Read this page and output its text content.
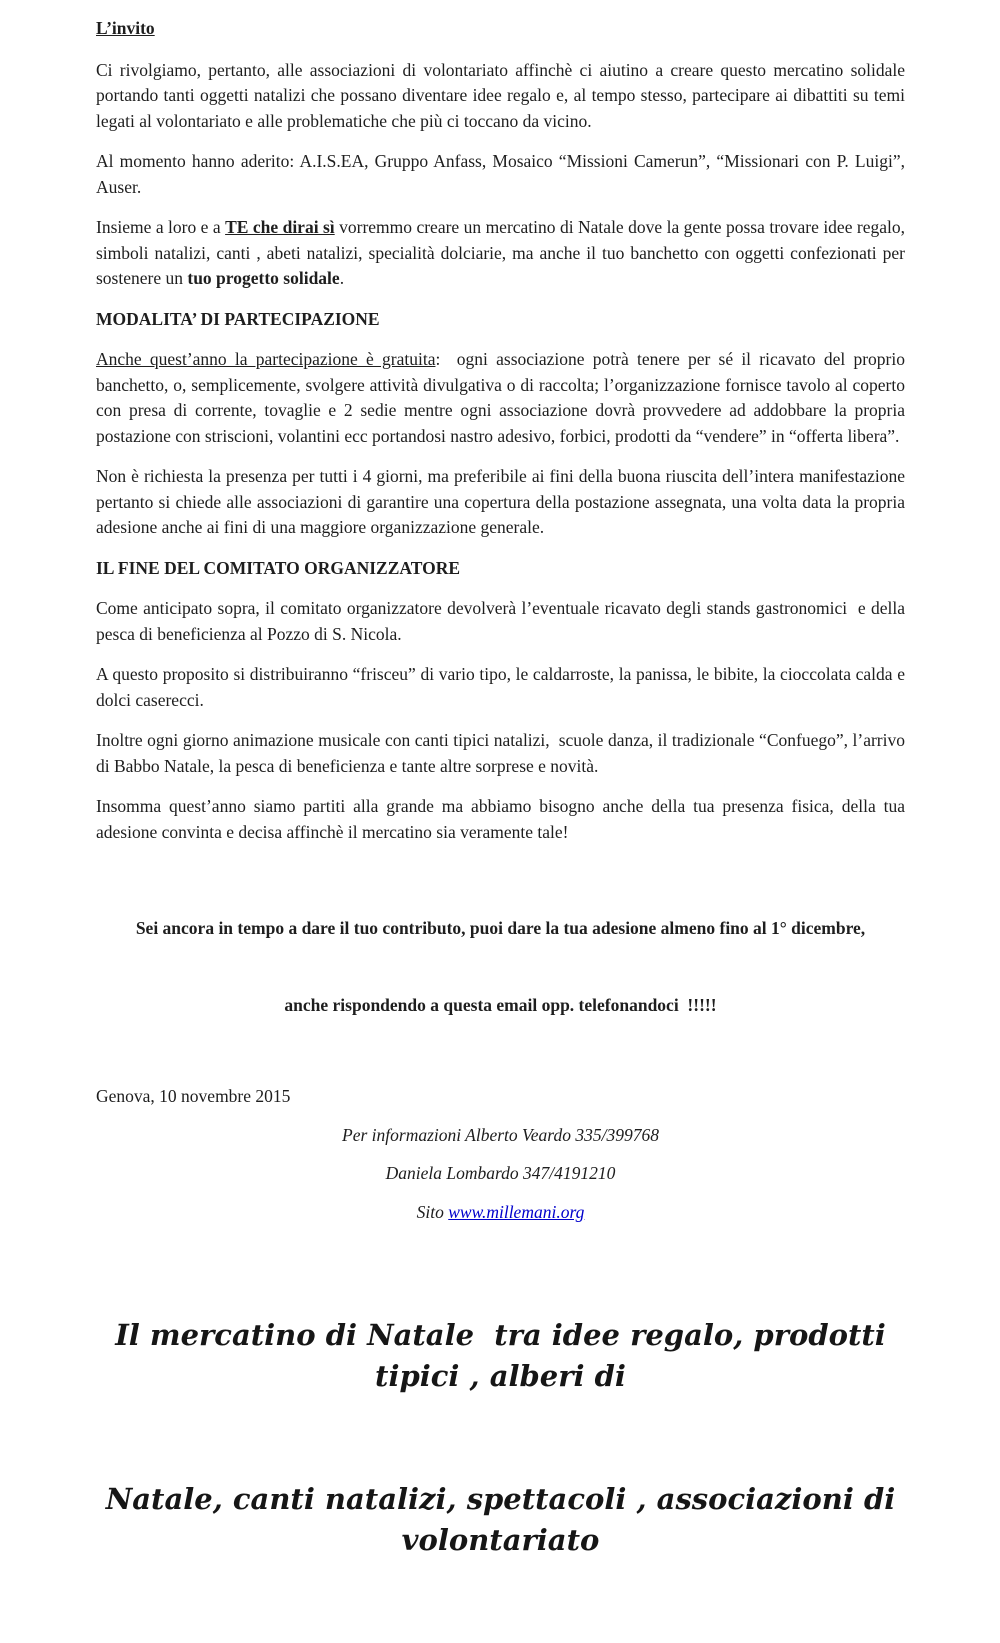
L’invito

Ci rivolgiamo, pertanto, alle associazioni di volontariato affinchè ci aiutino a creare questo mercatino solidale portando tanti oggetti natalizi che possano diventare idee regalo e, al tempo stesso, partecipare ai dibattiti su temi legati al volontariato e alle problematiche che più ci toccano da vicino.

Al momento hanno aderito: A.I.S.EA, Gruppo Anfass, Mosaico “Missioni Camerun”, “Missionari con P. Luigi”, Auser.

Insieme a loro e a TE che dirai sì vorremmo creare un mercatino di Natale dove la gente possa trovare idee regalo, simboli natalizi, canti , abeti natalizi, specialità dolciarie, ma anche il tuo banchetto con oggetti confezionati per sostenere un tuo progetto solidale.

MODALITA’ DI PARTECIPAZIONE

Anche quest’anno la partecipazione è gratuita:  ogni associazione potrà tenere per sé il ricavato del proprio banchetto, o, semplicemente, svolgere attività divulgativa o di raccolta; l’organizzazione fornisce tavolo al coperto con presa di corrente, tovaglie e 2 sedie mentre ogni associazione dovrà provvedere ad addobbare la propria postazione con striscioni, volantini ecc portandosi nastro adesivo, forbici, prodotti da “vendere” in “offerta libera”.

Non è richiesta la presenza per tutti i 4 giorni, ma preferibile ai fini della buona riuscita dell’intera manifestazione pertanto si chiede alle associazioni di garantire una copertura della postazione assegnata, una volta data la propria adesione anche ai fini di una maggiore organizzazione generale.

IL FINE DEL COMITATO ORGANIZZATORE

Come anticipato sopra, il comitato organizzatore devolverà l’eventuale ricavato degli stands gastronomici  e della pesca di beneficienza al Pozzo di S. Nicola.

A questo proposito si distribuiranno “frisceu” di vario tipo, le caldarroste, la panissa, le bibite, la cioccolata calda e dolci caserecci.

Inoltre ogni giorno animazione musicale con canti tipici natalizi,  scuole danza, il tradizionale “Confuego”, l’arrivo di Babbo Natale, la pesca di beneficienza e tante altre sorprese e novità.

Insomma quest’anno siamo partiti alla grande ma abbiamo bisogno anche della tua presenza fisica, della tua adesione convinta e decisa affinchè il mercatino sia veramente tale!

Sei ancora in tempo a dare il tuo contributo, puoi dare la tua adesione almeno fino al 1° dicembre,

anche rispondendo a questa email opp. telefonandoci  !!!!!

Genova, 10 novembre 2015

Per informazioni Alberto Veardo 335/399768

Daniela Lombardo 347/4191210

Sito www.millemani.org

Il mercatino di Natale  tra idee regalo, prodotti tipici , alberi di

Natale, canti natalizi, spettacoli , associazioni di volontariato
